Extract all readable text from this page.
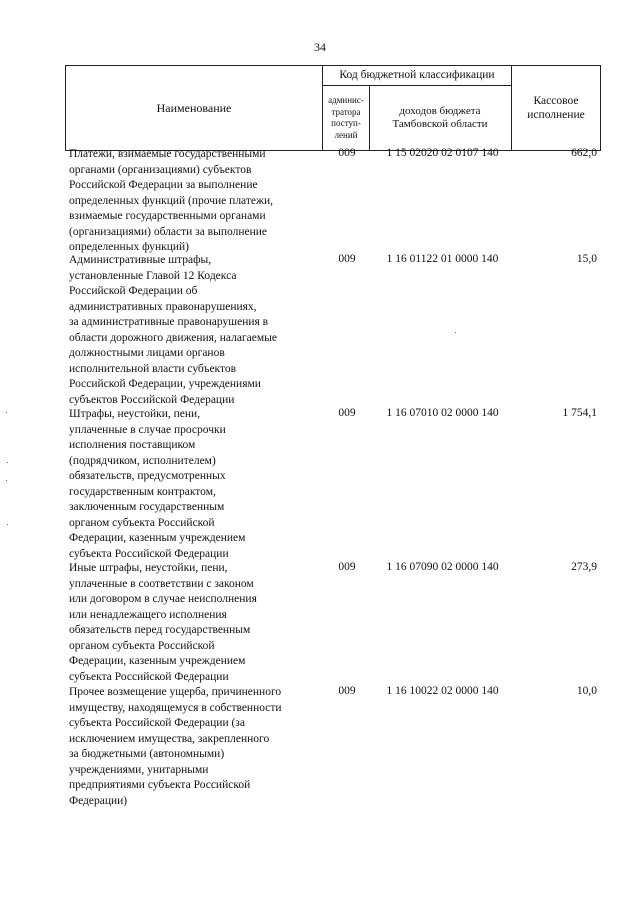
34
Наименование
Код бюджетной классификации
админис-
тратора
поступ-
лений
доходов бюджета
Тамбовской области
Кассовое
исполнение
Платежи, взимаемые государственными
органами (организациями) субъектов
Российской Федерации за выполнение
определенных функций (прочие платежи,
взимаемые государственными органами
(организациями) области за выполнение
определенных функций)
009	1 15 02020 02 0107 140	662,0
Административные штрафы,
установленные Главой 12 Кодекса
Российской Федерации об
административных правонарушениях,
за административные правонарушения в
области дорожного движения, налагаемые
должностными лицами органов
исполнительной власти субъектов
Российской Федерации, учреждениями
субъектов Российской Федерации
009	1 16 01122 01 0000 140	15,0
Штрафы, неустойки, пени,
уплаченные в случае просрочки
исполнения поставщиком
(подрядчиком, исполнителем)
обязательств, предусмотренных
государственным контрактом,
заключенным государственным
органом субъекта Российской
Федерации, казенным учреждением
субъекта Российской Федерации
009	1 16 07010 02 0000 140	1 754,1
Иные штрафы, неустойки, пени,
уплаченные в соответствии с законом
или договором в случае неисполнения
или ненадлежащего исполнения
обязательств перед государственным
органом субъекта Российской
Федерации, казенным учреждением
субъекта Российской Федерации
009	1 16 07090 02 0000 140	273,9
Прочее возмещение ущерба, причиненного
имуществу, находящемуся в собственности
субъекта Российской Федерации (за
исключением имущества, закрепленного
за бюджетными (автономными)
учреждениями, унитарными
предприятиями субъекта Российской
Федерации)
009	1 16 10022 02 0000 140	10,0
